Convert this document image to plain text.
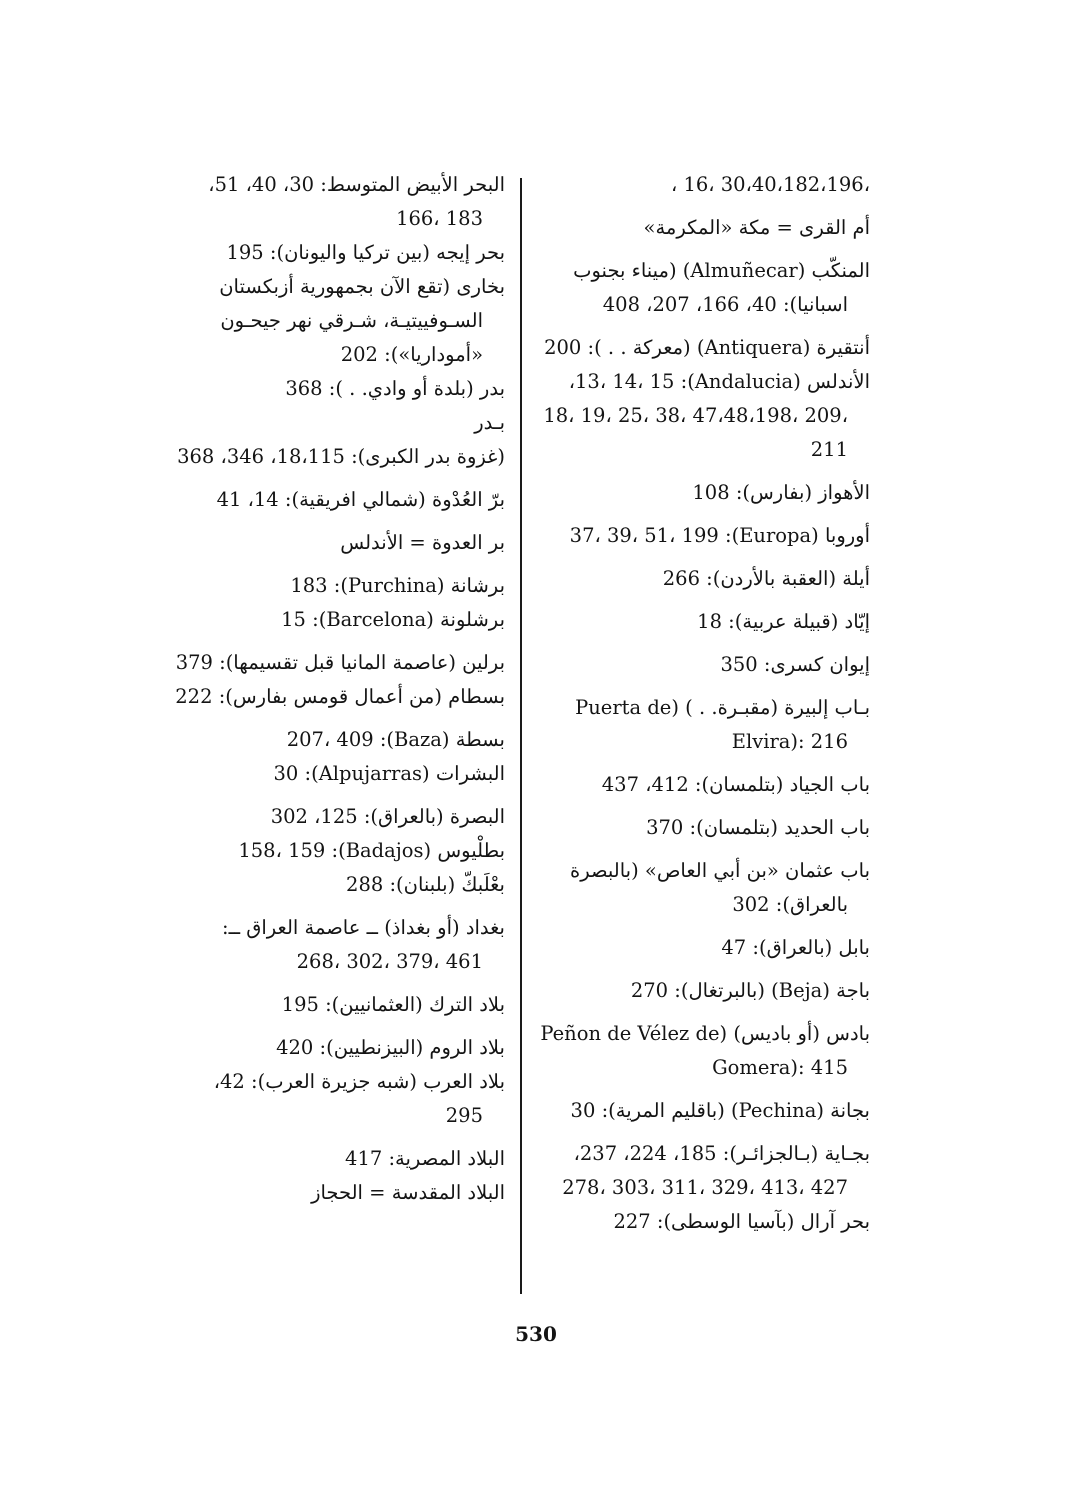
، 16، 30،40،182،196،

أم القرى = مكة «المكرمة»

المنكّب (Almuñecar) (ميناء بجنوب

اسبانيا): 40، 166، 207، 408

أنتقيرة (Antiquera) (معركة . . ): 200

الأندلس (Andalucia): 13، 14، 15،

18، 19، 25، 38، 47،48،198، 209،

211

الأهواز (بفارس): 108

أوروبا (Europa): 37، 39، 51، 199

أيلة (العقبة بالأردن): 266

إيّاد (قبيلة عربية): 18

إيوان كسرى: 350

بـاب إلبيرة (مقبـرة. . ) (Puerta de

Elvira): 216

باب الجياد (بتلمسان): 412، 437

باب الحديد (بتلمسان): 370

باب عثمان «بن أبي العاص» (بالبصرة

بالعراق): 302

بابل (بالعراق): 47

باجة (Beja) (بالبرتغال): 270

بادس (أو باديس) (Peñon de Vélez de

Gomera): 415

بجانة (Pechina) (باقليم المرية): 30

بجـاية (بـالجزائـر): 185، 224، 237،

278، 303، 311، 329، 413، 427

بحر آرال (بآسيا الوسطى): 227

البحر الأبيض المتوسط: 30، 40، 51،

166، 183

بحر إيجه (بين تركيا واليونان): 195

بخارى (تقع الآن بجمهورية أزبكستان

السـوفييتيـة، شـرقي نهر جيحـون

«أموداريا»): 202

بدر (بلدة أو وادي. . ): 368

بـدر

(غزوة بدر الكبرى): 18،115، 346، 368

برّ العُدْوة (شمالي افريقية): 14، 41

بر العدوة = الأندلس

برشانة (Purchina): 183

برشلونة (Barcelona): 15

برلين (عاصمة المانيا قبل تقسيمها): 379

بسطام (من أعمال قومس بفارس): 222

بسطة (Baza): 207، 409

البشرات (Alpujarras): 30

البصرة (بالعراق): 125، 302

بطلْيوس (Badajos): 158، 159

بعْلَبكّ (بلبنان): 288

بغداد (أو بغداذ) ــ عاصمة العراق ــ:

268، 302، 379، 461

بلاد الترك (العثمانيين): 195

بلاد الروم (البيزنطيين): 420

بلاد العرب (شبه جزيرة العرب): 42،

295

البلاد المصرية: 417

البلاد المقدسة = الحجاز

530
